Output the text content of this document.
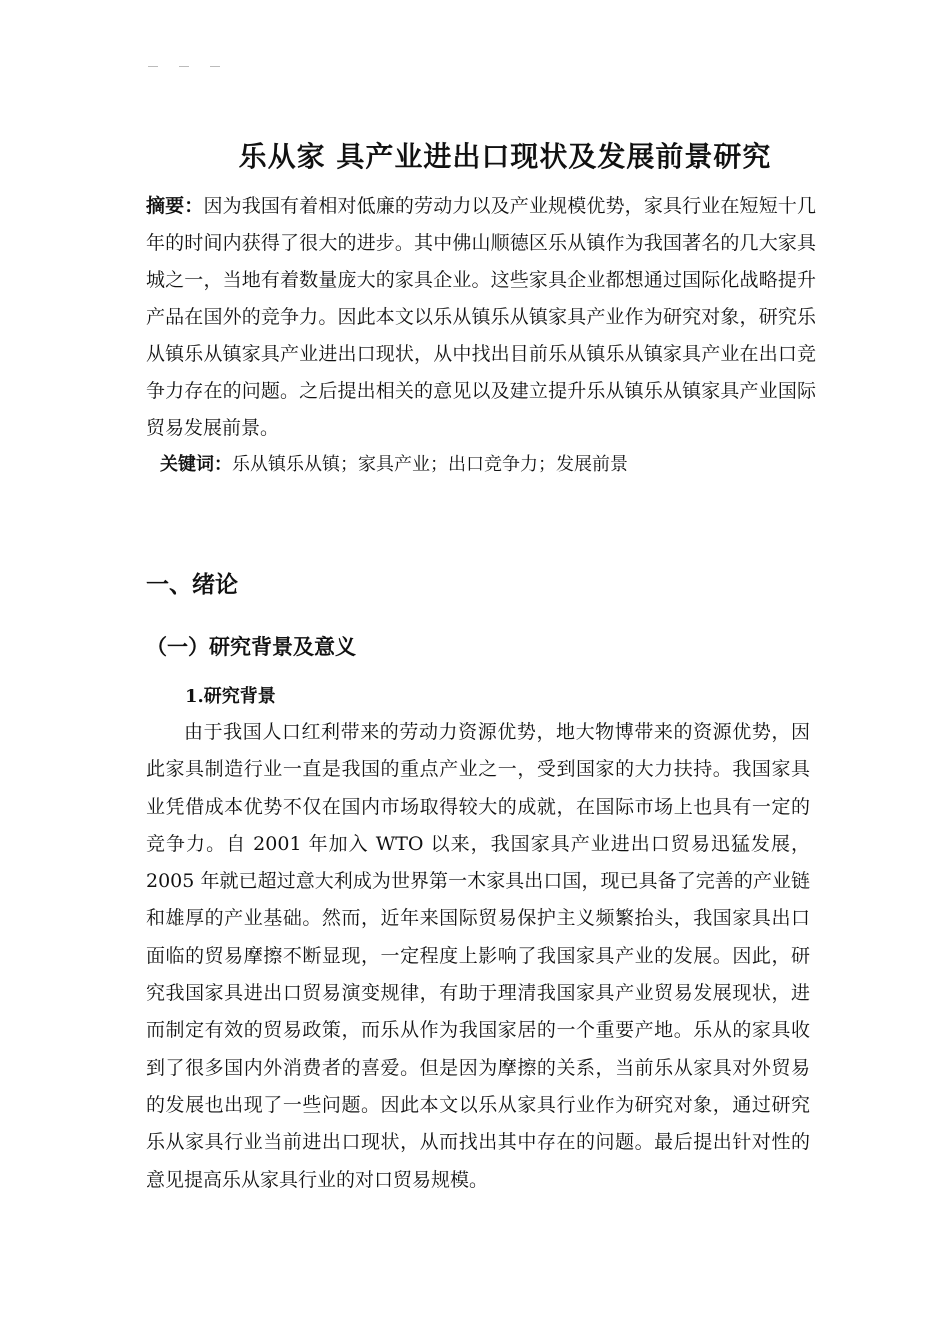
乐从家 具产业进出口现状及发展前景研究
摘要：因为我国有着相对低廉的劳动力以及产业规模优势，家具行业在短短十几年的时间内获得了很大的进步。其中佛山顺德区乐从镇作为我国著名的几大家具城之一，当地有着数量庞大的家具企业。这些家具企业都想通过国际化战略提升产品在国外的竞争力。因此本文以乐从镇乐从镇家具产业作为研究对象，研究乐从镇乐从镇家具产业进出口现状，从中找出目前乐从镇乐从镇家具产业在出口竞争力存在的问题。之后提出相关的意见以及建立提升乐从镇乐从镇家具产业国际贸易发展前景。
关键词：乐从镇乐从镇；家具产业；出口竞争力；发展前景
一、绪论
（一）研究背景及意义
1.研究背景
由于我国人口红利带来的劳动力资源优势，地大物博带来的资源优势，因此家具制造行业一直是我国的重点产业之一，受到国家的大力扶持。我国家具业凭借成本优势不仅在国内市场取得较大的成就，在国际市场上也具有一定的竞争力。自 2001 年加入 WTO 以来，我国家具产业进出口贸易迅猛发展，2005 年就已超过意大利成为世界第一木家具出口国，现已具备了完善的产业链和雄厚的产业基础。然而，近年来国际贸易保护主义频繁抬头，我国家具出口面临的贸易摩擦不断显现，一定程度上影响了我国家具产业的发展。因此，研究我国家具进出口贸易演变规律，有助于理清我国家具产业贸易发展现状，进而制定有效的贸易政策，而乐从作为我国家居的一个重要产地。乐从的家具收到了很多国内外消费者的喜爱。但是因为摩擦的关系，当前乐从家具对外贸易的发展也出现了一些问题。因此本文以乐从家具行业作为研究对象，通过研究乐从家具行业当前进出口现状，从而找出其中存在的问题。最后提出针对性的意见提高乐从家具行业的对口贸易规模。
